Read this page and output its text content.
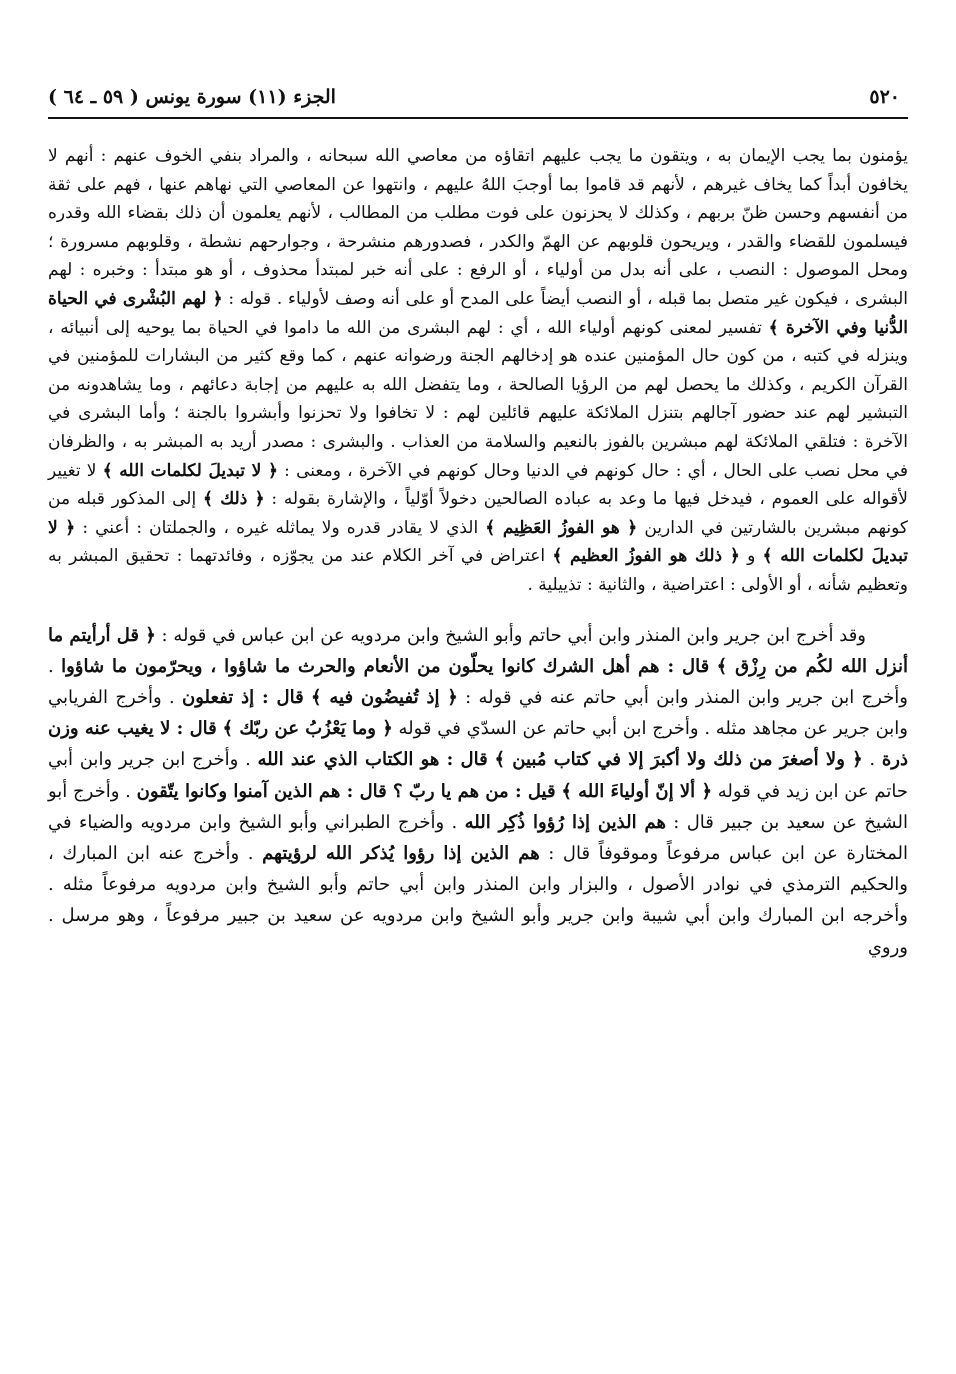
٥٢٠
الجزء (١١) سورة يونس ( ٥٩ ـ ٦٤ )

يؤمنون بما يجب الإيمان به ، ويتقون ما يجب عليهم اتقاؤه من معاصي الله سبحانه ، والمراد بنفي الخوف عنهم : أنهم لا يخافون أبداً كما يخاف غيرهم ، لأنهم قد قاموا بما أوجبَ اللهُ عليهم ، وانتهوا عن المعاصي التي نهاهم عنها ، فهم على ثقة من أنفسهم وحسن ظنّ بربهم ، وكذلك لا يحزنون على فوت مطلب من المطالب ، لأنهم يعلمون أن ذلك بقضاء الله وقدره فيسلمون للقضاء والقدر ، ويريحون قلوبهم عن الهمّ والكدر ، فصدورهم منشرحة ، وجوارحهم نشطة ، وقلوبهم مسرورة ؛ ومحل الموصول : النصب ، على أنه بدل من أولياء ، أو الرفع : على أنه خبر لمبتدأ محذوف ، أو هو مبتدأ : وخبره : لهم البشرى ، فيكون غير متصل بما قبله ، أو النصب أيضاً على المدح أو على أنه وصف لأولياء . قوله : ﴿ لهم البُشْرى في الحياة الدُّنيا وفي الآخرة ﴾ تفسير لمعنى كونهم أولياء الله ، أي : لهم البشرى من الله ما داموا في الحياة بما يوحيه إلى أنبيائه ، وينزله في كتبه ، من كون حال المؤمنين عنده هو إدخالهم الجنة ورضوانه عنهم ، كما وقع كثير من البشارات للمؤمنين في القرآن الكريم ، وكذلك ما يحصل لهم من الرؤيا الصالحة ، وما يتفضل الله به عليهم من إجابة دعائهم ، وما يشاهدونه من التبشير لهم عند حضور آجالهم بتنزل الملائكة عليهم قائلين لهم : لا تخافوا ولا تحزنوا وأبشروا بالجنة ؛ وأما البشرى في الآخرة : فتلقي الملائكة لهم مبشرين بالفوز بالنعيم والسلامة من العذاب . والبشرى : مصدر أريد به المبشر به ، والظرفان في محل نصب على الحال ، أي : حال كونهم في الدنيا وحال كونهم في الآخرة ، ومعنى : ﴿ لا تبديلَ لكلمات الله ﴾ لا تغيير لأقواله على العموم ، فيدخل فيها ما وعد به عباده الصالحين دخولاً أوّلياً ، والإشارة بقوله : ﴿ ذلك ﴾ إلى المذكور قبله من كونهم مبشرين بالشارتين في الدارين ﴿ هو الفوزُ العَظِيم ﴾ الذي لا يقادر قدره ولا يماثله غيره ، والجملتان : أعني : ﴿ لا تبديلَ لكلمات الله ﴾ و ﴿ ذلك هو الفوزُ العظيم ﴾ اعتراض في آخر الكلام عند من يجوّزه ، وفائدتهما : تحقيق المبشر به وتعظيم شأنه ، أو الأولى : اعتراضية ، والثانية : تذييلية .

وقد أخرج ابن جرير وابن المنذر وابن أبي حاتم وأبو الشيخ وابن مردويه عن ابن عباس في قوله : ﴿ قل أرأيتم ما أنزل الله لكُم من رِزْق ﴾ قال : هم أهل الشرك كانوا يحلّون من الأنعام والحرث ما شاؤوا ، ويحرّمون ما شاؤوا . وأخرج ابن جرير وابن المنذر وابن أبي حاتم عنه في قوله : ﴿ إذ تُفيضُون فيه ﴾ قال : إذ تفعلون . وأخرج الفريابي وابن جرير عن مجاهد مثله . وأخرج ابن أبي حاتم عن السدّي في قوله ﴿ وما يَعْزُبُ عن ربّك ﴾ قال : لا يغيب عنه وزن ذرة . ﴿ ولا أصغرَ من ذلك ولا أكبرَ إلا في كتاب مُبين ﴾ قال : هو الكتاب الذي عند الله . وأخرج ابن جرير وابن أبي حاتم عن ابن زيد في قوله ﴿ ألا إنّ أولياءَ الله ﴾ قيل : من هم يا ربّ ؟ قال : هم الذين آمنوا وكانوا يتّقون . وأخرج أبو الشيخ عن سعيد بن جبير قال : هم الذين إذا رُؤوا ذُكِر الله . وأخرج الطبراني وأبو الشيخ وابن مردويه والضياء في المختارة عن ابن عباس مرفوعاً وموقوفاً قال : هم الذين إذا رؤوا يُذكر الله لرؤيتهم . وأخرج عنه ابن المبارك ، والحكيم الترمذي في نوادر الأصول ، والبزار وابن المنذر وابن أبي حاتم وأبو الشيخ وابن مردويه مرفوعاً مثله . وأخرجه ابن المبارك وابن أبي شيبة وابن جرير وأبو الشيخ وابن مردويه عن سعيد بن جبير مرفوعاً ، وهو مرسل . وروي
